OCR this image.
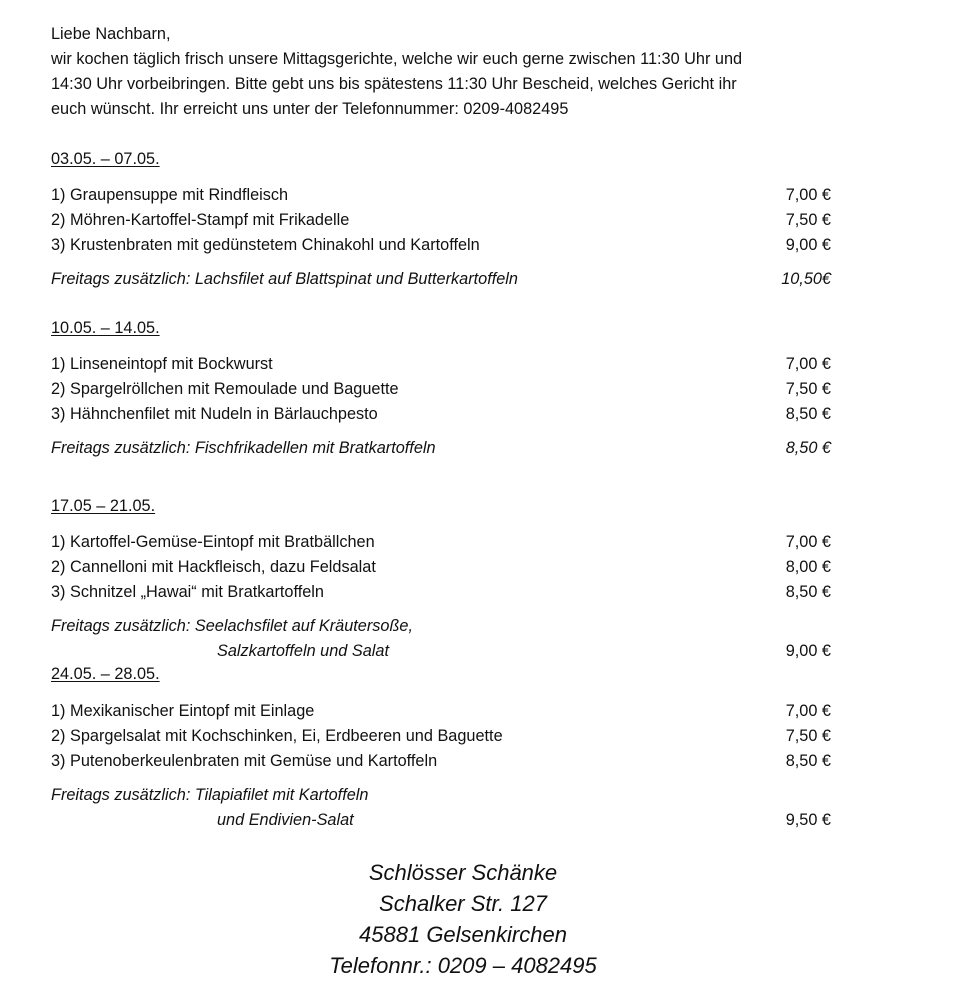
Liebe Nachbarn,

wir kochen täglich frisch unsere Mittagsgerichte, welche wir euch gerne zwischen 11:30 Uhr und

14:30 Uhr vorbeibringen. Bitte gebt uns bis spätestens 11:30 Uhr Bescheid, welches Gericht ihr

euch wünscht. Ihr erreicht uns unter der Telefonnummer: 0209-4082495

03.05. – 07.05.
1) Graupensuppe mit Rindfleisch	7,00 €
2) Möhren-Kartoffel-Stampf mit Frikadelle	7,50 €
3) Krustenbraten mit gedünstetem Chinakohl und Kartoffeln	9,00 €
Freitags zusätzlich: Lachsfilet auf Blattspinat und Butterkartoffeln	10,50€
10.05. – 14.05.
1) Linseneintopf mit Bockwurst	7,00 €
2) Spargelröllchen mit Remoulade und Baguette	7,50 €
3) Hähnchenfilet mit Nudeln in Bärlauchpesto	8,50 €
Freitags zusätzlich: Fischfrikadellen mit Bratkartoffeln	8,50 €
17.05 – 21.05.
1) Kartoffel-Gemüse-Eintopf mit Bratbällchen	7,00 €
2) Cannelloni mit Hackfleisch, dazu Feldsalat	8,00 €
3) Schnitzel „Hawai“ mit Bratkartoffeln	8,50 €
Freitags zusätzlich: Seelachsfilet auf Kräutersoße,
Salzkartoffeln und Salat	9,00 €
24.05. – 28.05.
1) Mexikanischer Eintopf mit Einlage	7,00 €
2) Spargelsalat mit Kochschinken, Ei, Erdbeeren und Baguette	7,50 €
3) Putenoberkeulenbraten mit Gemüse und Kartoffeln	8,50 €
Freitags zusätzlich: Tilapiafilet mit Kartoffeln
und Endivien-Salat	9,50 €
Schlösser Schänke
Schalker Str. 127
45881 Gelsenkirchen
Telefonnr.: 0209 – 4082495
